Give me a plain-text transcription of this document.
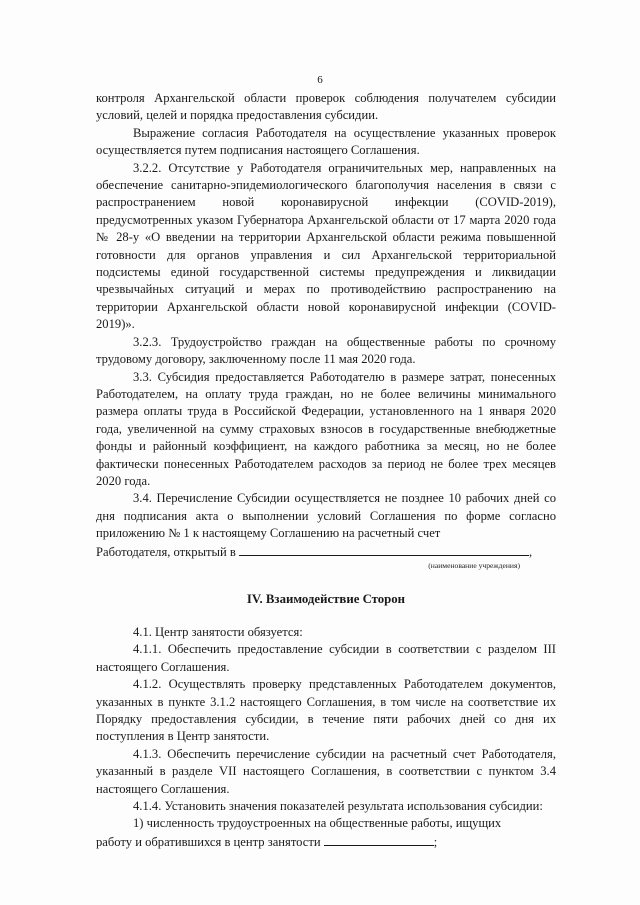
6

контроля Архангельской области проверок соблюдения получателем субсидии условий, целей и порядка предоставления субсидии.

Выражение согласия Работодателя на осуществление указанных проверок осуществляется путем подписания настоящего Соглашения.

3.2.2. Отсутствие у Работодателя ограничительных мер, направленных на обеспечение санитарно-эпидемиологического благополучия населения в связи с распространением новой коронавирусной инфекции (COVID-2019), предусмотренных указом Губернатора Архангельской области от 17 марта 2020 года № 28-у «О введении на территории Архангельской области режима повышенной готовности для органов управления и сил Архангельской территориальной подсистемы единой государственной системы предупреждения и ликвидации чрезвычайных ситуаций и мерах по противодействию распространению на территории Архангельской области новой коронавирусной инфекции (COVID-2019)».

3.2.3. Трудоустройство граждан на общественные работы по срочному трудовому договору, заключенному после 11 мая 2020 года.

3.3. Субсидия предоставляется Работодателю в размере затрат, понесенных Работодателем, на оплату труда граждан, но не более величины минимального размера оплаты труда в Российской Федерации, установленного на 1 января 2020 года, увеличенной на сумму страховых взносов в государственные внебюджетные фонды и районный коэффициент, на каждого работника за месяц, но не более фактически понесенных Работодателем расходов за период не более трех месяцев 2020 года.

3.4. Перечисление Субсидии осуществляется не позднее 10 рабочих дней со дня подписания акта о выполнении условий Соглашения по форме согласно приложению № 1 к настоящему Соглашению на расчетный счет

Работодателя, открытый в	,

(наименование учреждения)
IV. Взаимодействие Сторон

4.1. Центр занятости обязуется:

4.1.1. Обеспечить предоставление субсидии в соответствии с разделом III настоящего Соглашения.

4.1.2. Осуществлять проверку представленных Работодателем документов, указанных в пункте 3.1.2 настоящего Соглашения, в том числе на соответствие их Порядку предоставления субсидии, в течение пяти рабочих дней со дня их поступления в Центр занятости.

4.1.3. Обеспечить перечисление субсидии на расчетный счет Работодателя, указанный в разделе VII настоящего Соглашения, в соответствии с пунктом 3.4 настоящего Соглашения.

4.1.4. Установить значения показателей результата использования субсидии:

1) численность трудоустроенных на общественные работы, ищущих

работу и обратившихся в центр занятости	;
